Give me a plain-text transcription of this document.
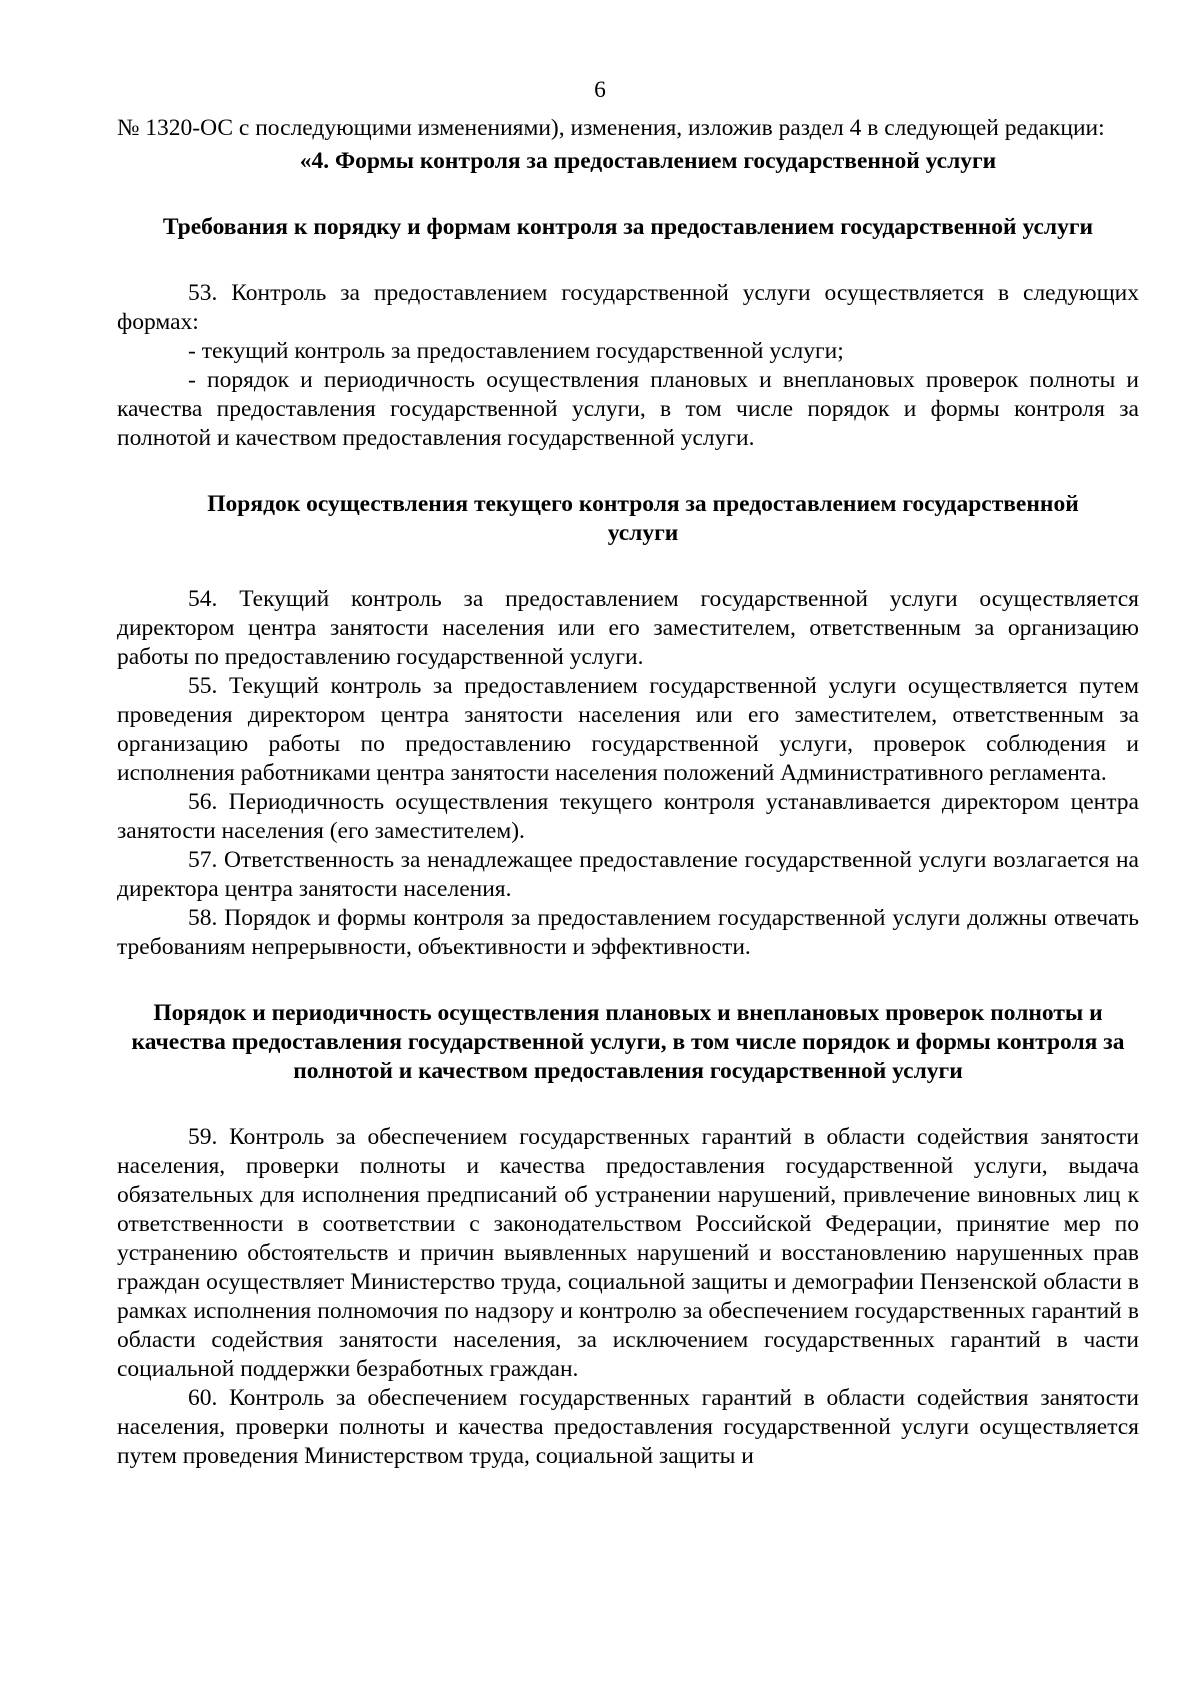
6

№ 1320-ОС с последующими изменениями), изменения, изложив раздел 4 в следующей редакции:

«4. Формы контроля за предоставлением государственной услуги
Требования к порядку и формам контроля за предоставлением государственной услуги

53. Контроль за предоставлением государственной услуги осуществляется в следующих формах:

- текущий контроль за предоставлением государственной услуги;

- порядок и периодичность осуществления плановых и внеплановых проверок полноты и качества предоставления государственной услуги, в том числе порядок и формы контроля за полнотой и качеством предоставления государственной услуги.

Порядок осуществления текущего контроля за предоставлением государственной услуги

54. Текущий контроль за предоставлением государственной услуги осуществляется директором центра занятости населения или его заместителем, ответственным за организацию работы по предоставлению государственной услуги.

55. Текущий контроль за предоставлением государственной услуги осуществляется путем проведения директором центра занятости населения или его заместителем, ответственным за организацию работы по предоставлению государственной услуги, проверок соблюдения и исполнения работниками центра занятости населения положений Административного регламента.

56. Периодичность осуществления текущего контроля устанавливается директором центра занятости населения (его заместителем).

57. Ответственность за ненадлежащее предоставление государственной услуги возлагается на директора центра занятости населения.

58. Порядок и формы контроля за предоставлением государственной услуги должны отвечать требованиям непрерывности, объективности и эффективности.

Порядок и периодичность осуществления плановых и внеплановых проверок полноты и качества предоставления государственной услуги, в том числе порядок и формы контроля за полнотой и качеством предоставления государственной услуги

59. Контроль за обеспечением государственных гарантий в области содействия занятости населения, проверки полноты и качества предоставления государственной услуги, выдача обязательных для исполнения предписаний об устранении нарушений, привлечение виновных лиц к ответственности в соответствии с законодательством Российской Федерации, принятие мер по устранению обстоятельств и причин выявленных нарушений и восстановлению нарушенных прав граждан осуществляет Министерство труда, социальной защиты и демографии Пензенской области в рамках исполнения полномочия по надзору и контролю за обеспечением государственных гарантий в области содействия занятости населения, за исключением государственных гарантий в части социальной поддержки безработных граждан.

60. Контроль за обеспечением государственных гарантий в области содействия занятости населения, проверки полноты и качества предоставления государственной услуги осуществляется путем проведения Министерством труда, социальной защиты и
